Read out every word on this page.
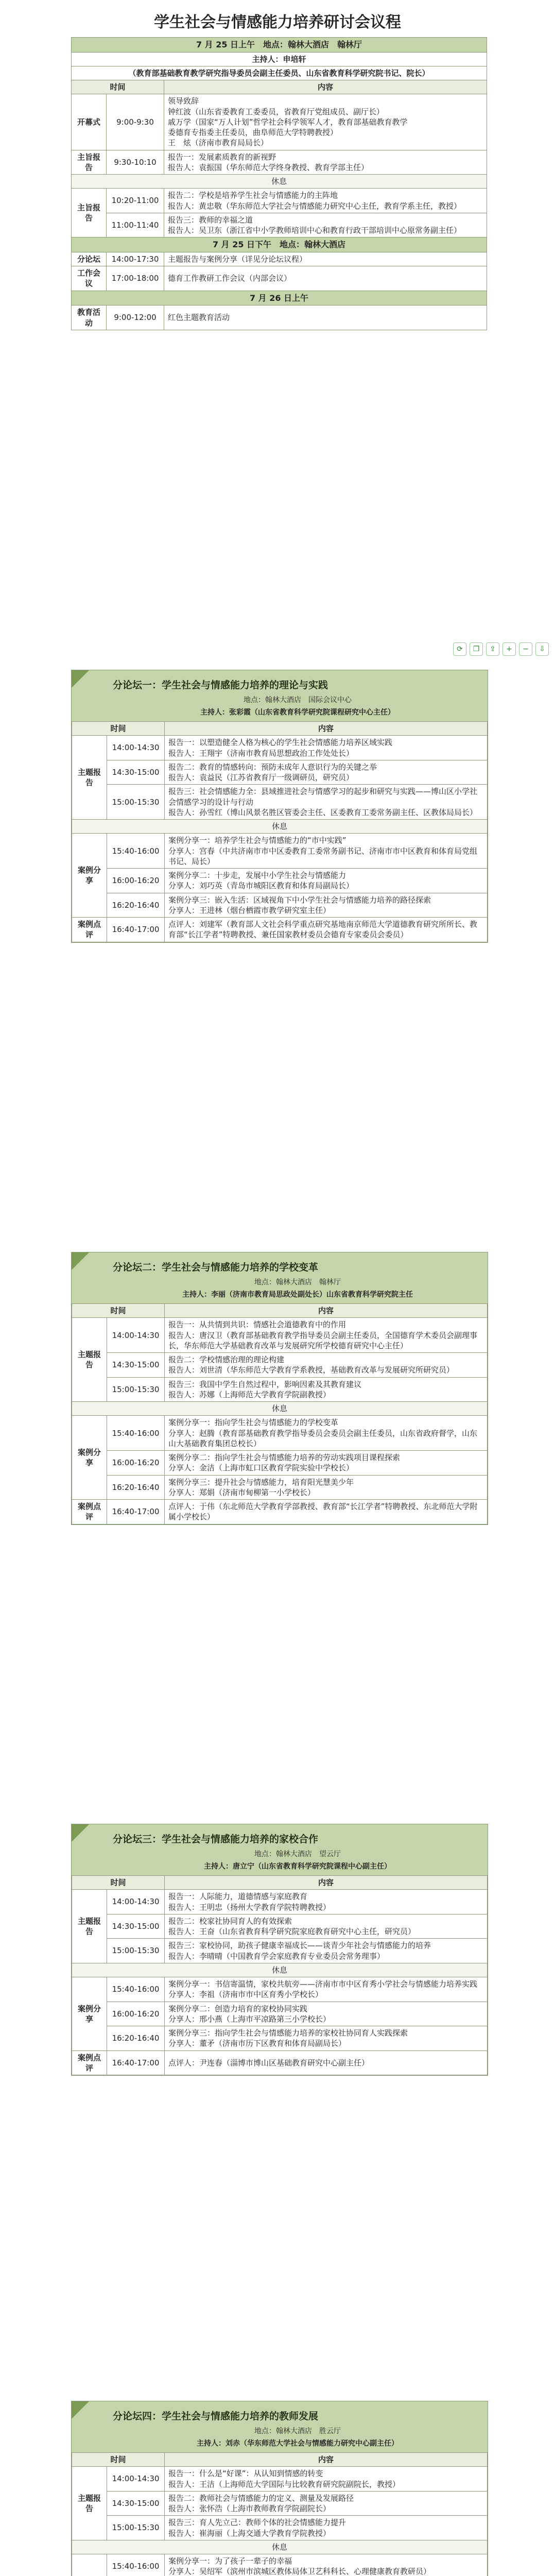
学生社会与情感能力培养研讨会议程
7 月 25 日上午　地点：翰林大酒店　翰林厅		
主持人：申培轩		
（教育部基础教育教学研究指导委员会副主任委员、山东省教育科学研究院书记、院长）		
时间		内容
开幕式	9:00-9:30	领导致辞
钟红波（山东省委教育工委委员，省教育厅党组成员、副厅长）
戚万学（国家“万人计划”哲学社会科学领军人才，教育部基础教育教学
委德育专指委主任委员，曲阜师范大学特聘教授）
王　炫（济南市教育局局长）

主旨报告	9:30-10:10	报告一：发展素质教育的新视野
报告人：袁振国（华东师范大学终身教授、教育学部主任）

休息		
主旨报告	10:20-11:00	报告二：学校是培养学生社会与情感能力的主阵地
报告人：黄忠敬（华东师范大学社会与情感能力研究中心主任，教育学系主任，教授）

	11:00-11:40	报告三：教师的幸福之道
报告人：吴卫东（浙江省中小学教师培训中心和教育行政干部培训中心原常务副主任）

7 月 25 日下午　地点：翰林大酒店		
分论坛	14:00-17:30	主题报告与案例分享（详见分论坛议程）

工作会议	17:00-18:00	德育工作教研工作会议（内部会议）

7 月 26 日上午		
教育活动	9:00-12:00	红色主题教育活动
⟳	❐	⇪	+	−	⇩
分论坛一：学生社会与情感能力培养的理论与实践
地点：翰林大酒店　国际会议中心
主持人：张彩霞（山东省教育科学研究院课程研究中心主任）
时间		内容
主题报告	14:00-14:30	报告一：以塑造健全人格为核心的学生社会情感能力培养区域实践
报告人：王翔宇（济南市教育局思想政治工作处处长）

	14:30-15:00	报告二：教育的情感转向：预防未成年人意识行为的关键之举
报告人：袁益民（江苏省教育厅一级调研员，研究员）

	15:00-15:30	报告三：社会情感能力全：县域推进社会与情感学习的起步和研究与实践——博山区小学社会情感学习的设计与行动
报告人：孙雪红（博山风景名胜区管委会主任、区委教育工委常务副主任、区教体局局长）

休息		
案例分享	15:40-16:00	案例分享一：培养学生社会与情感能力的“市中实践”
分享人：宫春（中共济南市市中区委教育工委常务副书记、济南市市中区教育和体育局党组书记、局长）

	16:00-16:20	案例分享二：十步走，发展中小学生社会与情感能力
分享人：刘巧英（青岛市城阳区教育和体育局副局长）

	16:20-16:40	案例分享三：嵌入生活：区域视角下中小学生社会与情感能力培养的路径探索
分享人：王进林（烟台栖霞市教学研究室主任）

案例点评	16:40-17:00	点评人：刘建军（教育部人文社会科学重点研究基地南京师范大学道德教育研究所所长、教育部“长江学者”特聘教授、兼任国家教材委员会德育专家委员会委员）
分论坛二：学生社会与情感能力培养的学校变革
地点：翰林大酒店　翰林厅
主持人：李丽（济南市教育局思政处副处长）山东省教育科学研究院主任
时间		内容
主题报告	14:00-14:30	报告一：从共情到共识：情感社会道德教育中的作用
报告人：唐汉卫（教育部基础教育教学指导委员会副主任委员，全国德育学术委员会副理事长，华东师范大学基础教育改革与发展研究所学校德育研究中心主任）

	14:30-15:00	报告二：学校情感治理的理论构建
报告人：刘世清（华东师范大学教育学系教授，基础教育改革与发展研究所研究员）

	15:00-15:30	报告三：我国中学生自然过程中，影响因素及其教育建议
报告人：苏娜（上海师范大学教育学院副教授）

休息		
案例分享	15:40-16:00	案例分享一：指向学生社会与情感能力的学校变革
分享人：赵腾（教育部基础教育教学指导委员会委员会副主任委员，山东省政府督学，山东山大基础教育集团总校长）

	16:00-16:20	案例分享二：指向学生社会与情感能力培养的劳动实践项目课程探索
分享人：金洁（上海市虹口区教育学院实验中学校长）

	16:20-16:40	案例分享三：提升社会与情感能力，培育阳光慧美少年
分享人：郑娟（济南市甸柳第一小学校长）

案例点评	16:40-17:00	点评人：于伟（东北师范大学教育学部教授、教育部“长江学者”特聘教授、东北师范大学附属小学校长）
分论坛三：学生社会与情感能力培养的家校合作
地点：翰林大酒店　望云厅
主持人：唐立宁（山东省教育科学研究院课程中心副主任）
时间		内容
主题报告	14:00-14:30	报告一：人际能力，道德情感与家庭教育
报告人：王明忠（扬州大学教育学院特聘教授）

	14:30-15:00	报告二：校家社协同育人的有效探索
报告人：王奋（山东省教育科学研究院家庭教育研究中心主任，研究员）

	15:00-15:30	报告三：家校协同，助孩子健康幸福成长——谈青少年社会与情感能力的培养
报告人：李晴晴（中国教育学会家庭教育专业委员会常务理事）

休息		
案例分享	15:40-16:00	案例分享一：书信寄温情，家校共航旁——济南市市中区育秀小学社会与情感能力培养实践
分享人：李祖（济南市市中区育秀小学校长）

	16:00-16:20	案例分享二：创造力培育的家校协同实践
分享人：邢小燕（上海市平凉路第三小学校长）

	16:20-16:40	案例分享三：指向学生社会与情感能力培养的家校社协同育人实践探索
分享人：董矛（济南市历下区教育和体育局副局长）

案例点评	16:40-17:00	点评人：尹连春（淄博市博山区基础教育研究中心副主任）
分论坛四：学生社会与情感能力培养的教师发展
地点：翰林大酒店　胜云厅
主持人：刘赤（华东师范大学社会与情感能力研究中心副主任）
时间		内容
主题报告	14:00-14:30	报告一：什么是“好课”：从认知到情感的转变
报告人：王洁（上海师范大学国际与比较教育研究院副院长，教授）

	14:30-15:00	报告二：教师社会与情感能力的定义、测量及发展路径
报告人：张怀浩（上海市教师教育学院副院长）

	15:00-15:30	报告三：育人先立己：教师个体的社会情感能力提升
报告人：崔海丽（上海交通大学教育学院教授）

休息		
	15:40-16:00	案例分享一：为了孩子一辈子的幸福
分享人：吴绍军（滨州市滨城区教体局体卫艺科科长、心理健康教育教研员）
